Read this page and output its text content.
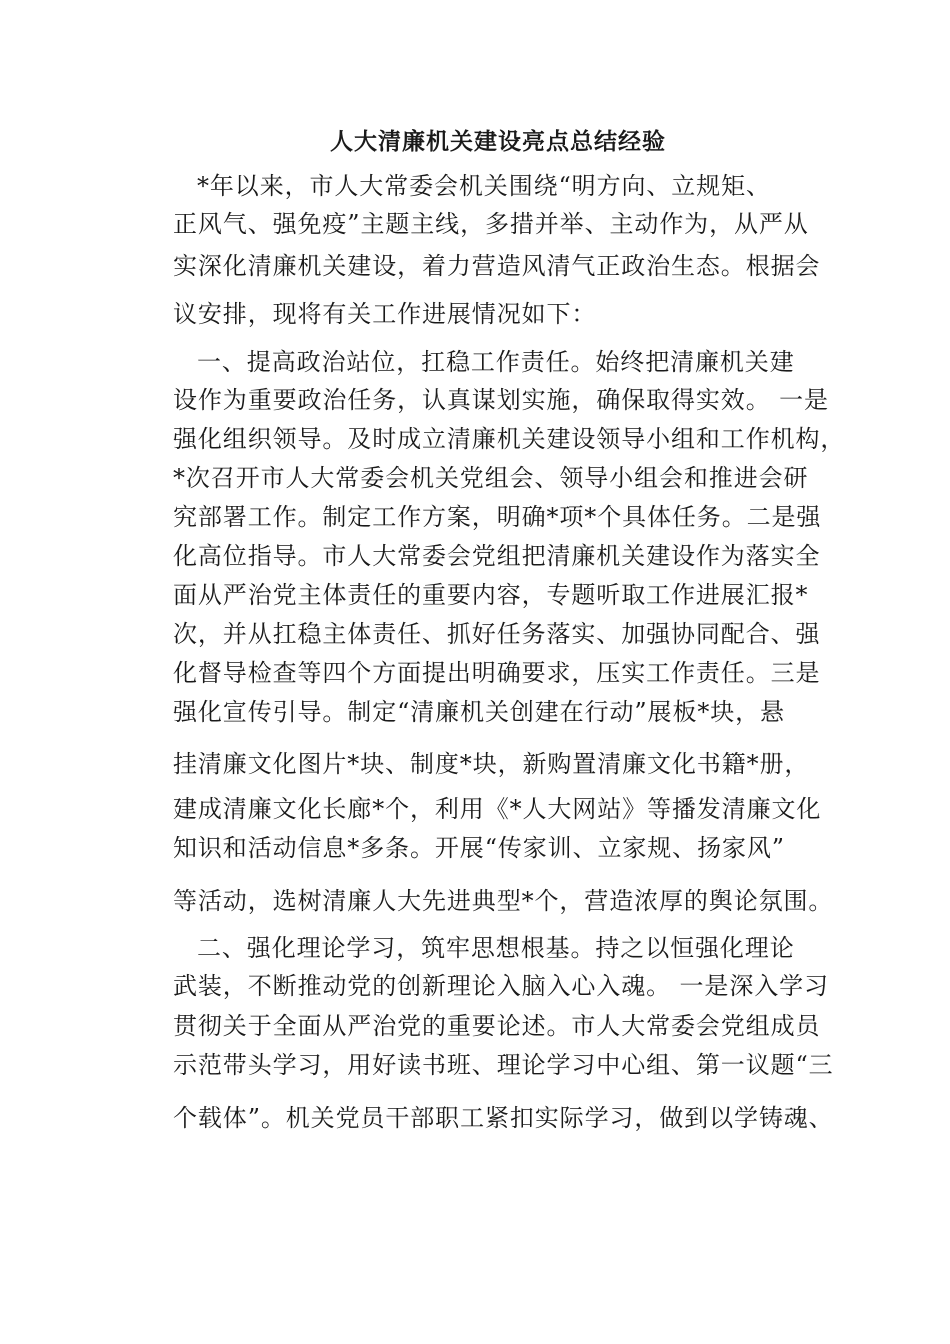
人大清廉机关建设亮点总结经验
*年以来，市人大常委会机关围绕“明方向、立规矩、
正风气、强免疫”主题主线，多措并举、主动作为，从严从
实深化清廉机关建设，着力营造风清气正政治生态。根据会
议安排，现将有关工作进展情况如下：
一、提高政治站位，扛稳工作责任。始终把清廉机关建
设作为重要政治任务，认真谋划实施，确保取得实效。 一是
强化组织领导。及时成立清廉机关建设领导小组和工作机构，
*次召开市人大常委会机关党组会、领导小组会和推进会研
究部署工作。制定工作方案，明确*项*个具体任务。二是强
化高位指导。市人大常委会党组把清廉机关建设作为落实全
面从严治党主体责任的重要内容，专题听取工作进展汇报*
次，并从扛稳主体责任、抓好任务落实、加强协同配合、强
化督导检查等四个方面提出明确要求，压实工作责任。三是
强化宣传引导。制定“清廉机关创建在行动”展板*块，悬
挂清廉文化图片*块、制度*块，新购置清廉文化书籍*册，
建成清廉文化长廊*个，利用《*人大网站》等播发清廉文化
知识和活动信息*多条。开展“传家训、立家规、扬家风”
等活动，选树清廉人大先进典型*个，营造浓厚的舆论氛围。
二、强化理论学习，筑牢思想根基。持之以恒强化理论
武装，不断推动党的创新理论入脑入心入魂。 一是深入学习
贯彻关于全面从严治党的重要论述。市人大常委会党组成员
示范带头学习，用好读书班、理论学习中心组、第一议题“三
个载体”。机关党员干部职工紧扣实际学习，做到以学铸魂、
